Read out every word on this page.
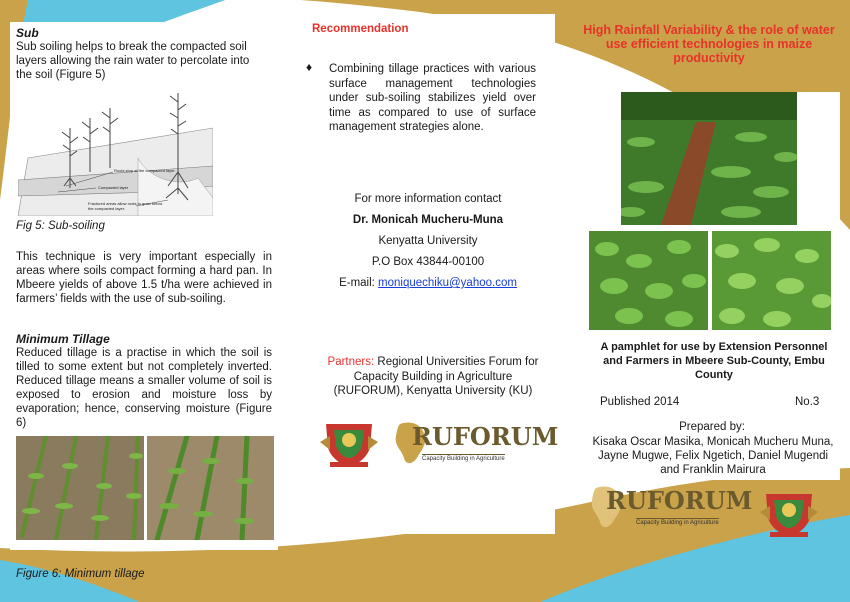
Sub
Sub soiling helps to break the compacted soil layers allowing the rain water to percolate into the soil (Figure 5)
Roots stop at the compacted layer.
Compacted layer
Fractured areas allow roots to grow below the compacted layer.
Fig 5: Sub-soiling
This technique is very important especially in areas where soils compact forming a hard pan. In Mbeere yields of above 1.5 t/ha were achieved in farmers’ fields with the use of sub-soiling.
Minimum Tillage
Reduced tillage is a practise in which the soil is tilled to some extent but not completely inverted. Reduced tillage means a smaller volume of soil is exposed to erosion and moisture loss by evaporation; hence, conserving moisture (Figure 6)
Figure 6: Minimum tillage
Recommendation
♦ Combining tillage practices with various surface management technologies under sub-soiling stabilizes yield over time as compared to use of surface management strategies alone.
For more information contact
Dr. Monicah Mucheru-Muna
Kenyatta University
P.O Box 43844-00100
E-mail: moniquechiku@yahoo.com
Partners: Regional Universities Forum for Capacity Building in Agriculture (RUFORUM), Kenyatta University (KU)
RUFORUM
Capacity Building in Agriculture
High Rainfall Variability & the role of water use efficient technologies in maize productivity
A pamphlet for use by Extension Personnel and Farmers in Mbeere Sub-County, Embu County
Published 2014	No.3
Prepared by:
Kisaka Oscar Masika, Monicah Mucheru Muna, Jayne Mugwe, Felix Ngetich, Daniel Mugendi and Franklin Mairura
RUFORUM
Capacity Building in Agriculture
